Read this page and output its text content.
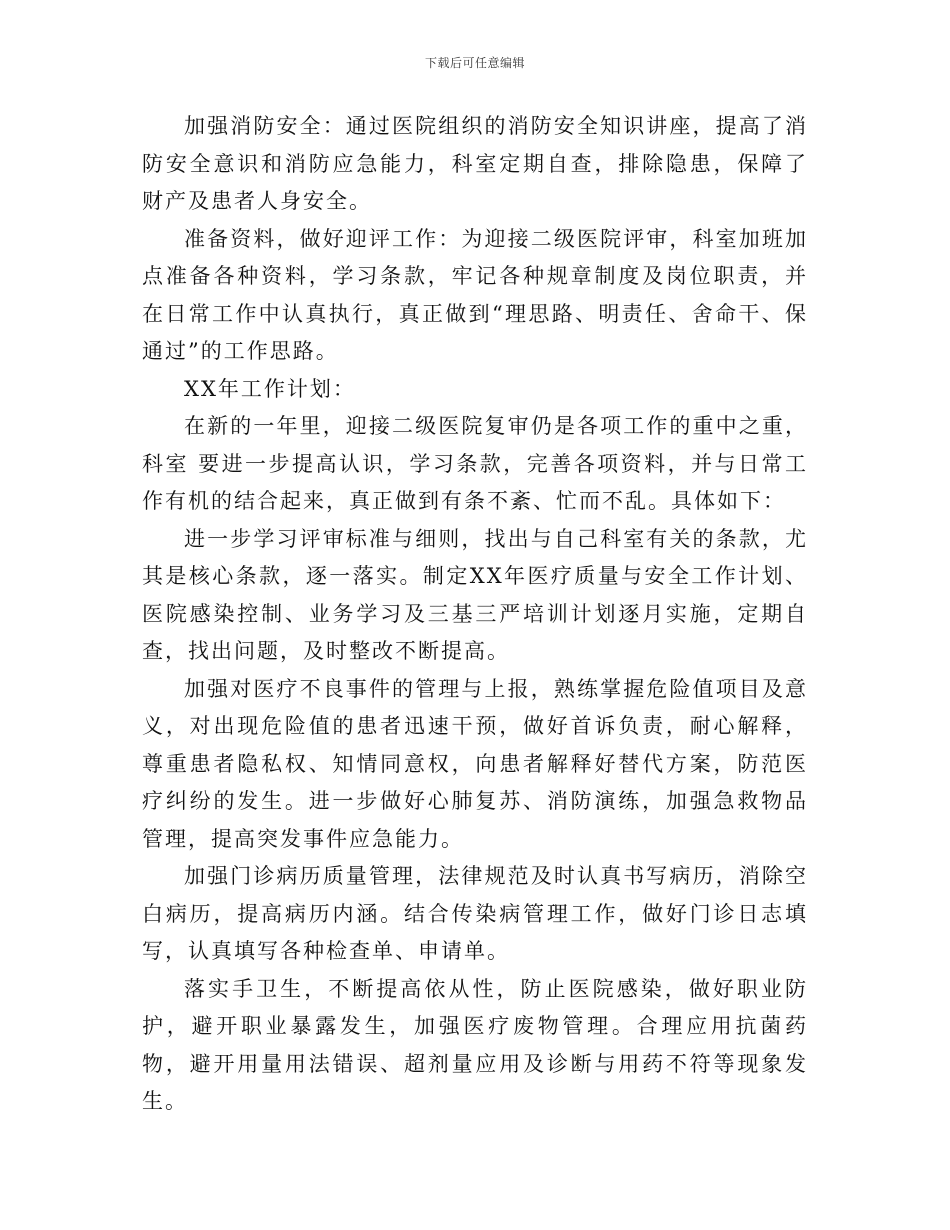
下载后可任意编辑

加强消防安全：通过医院组织的消防安全知识讲座，提高了消防安全意识和消防应急能力，科室定期自查，排除隐患，保障了财产及患者人身安全。

准备资料，做好迎评工作：为迎接二级医院评审，科室加班加点准备各种资料，学习条款，牢记各种规章制度及岗位职责，并在日常工作中认真执行，真正做到“理思路、明责任、舍命干、保通过”的工作思路。

XX年工作计划：

在新的一年里，迎接二级医院复审仍是各项工作的重中之重，科室 要进一步提高认识，学习条款，完善各项资料，并与日常工作有机的结合起来，真正做到有条不紊、忙而不乱。具体如下：

进一步学习评审标准与细则，找出与自己科室有关的条款，尤其是核心条款，逐一落实。制定XX年医疗质量与安全工作计划、医院感染控制、业务学习及三基三严培训计划逐月实施，定期自查，找出问题，及时整改不断提高。

加强对医疗不良事件的管理与上报，熟练掌握危险值项目及意义，对出现危险值的患者迅速干预，做好首诉负责，耐心解释，尊重患者隐私权、知情同意权，向患者解释好替代方案，防范医疗纠纷的发生。进一步做好心肺复苏、消防演练，加强急救物品管理，提高突发事件应急能力。

加强门诊病历质量管理，法律规范及时认真书写病历，消除空白病历，提高病历内涵。结合传染病管理工作，做好门诊日志填写，认真填写各种检查单、申请单。

落实手卫生，不断提高依从性，防止医院感染，做好职业防护，避开职业暴露发生，加强医疗废物管理。合理应用抗菌药物，避开用量用法错误、超剂量应用及诊断与用药不符等现象发生。
